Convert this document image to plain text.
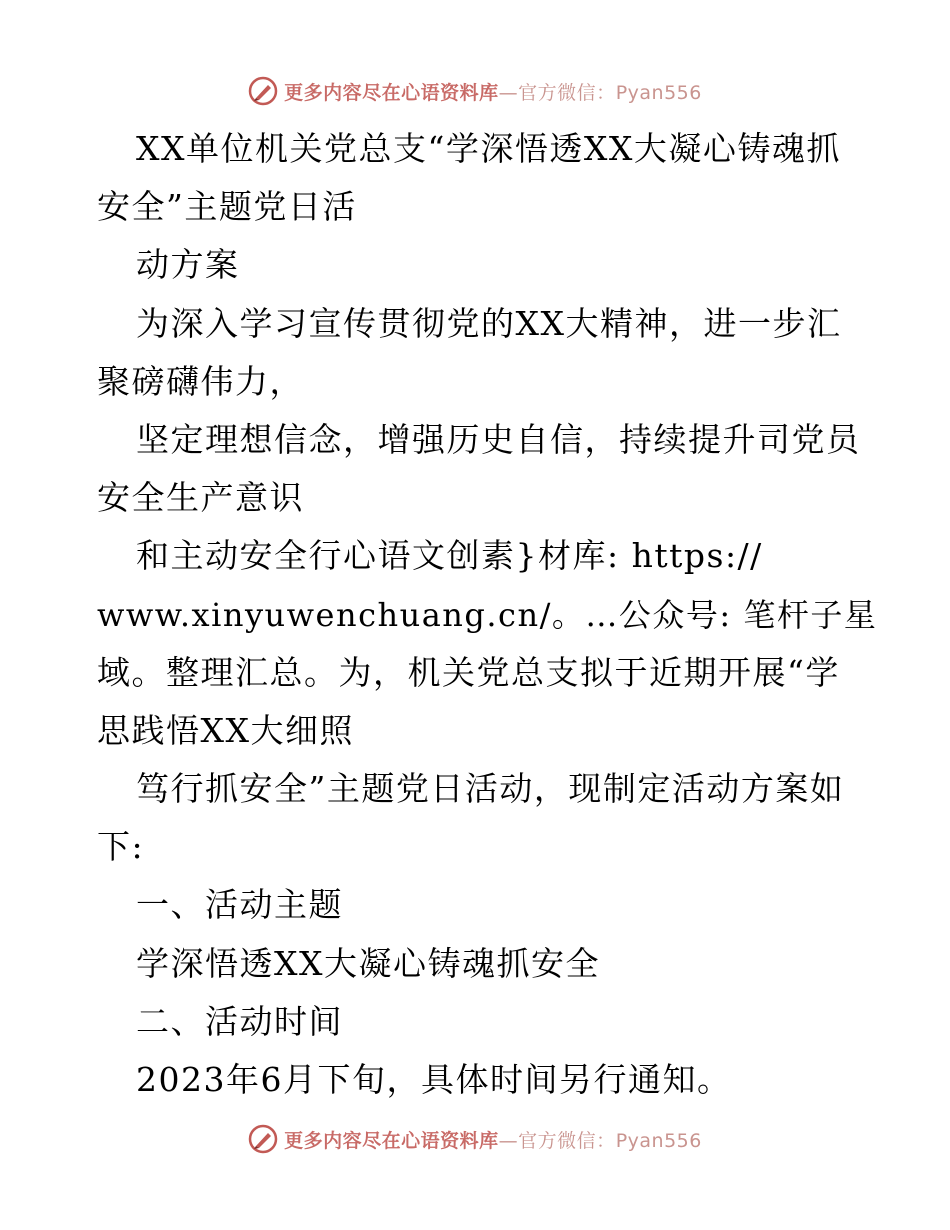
更多内容尽在心语资料库—官方微信：Pyan556
XX单位机关党总支“学深悟透XX大凝心铸魂抓
安全”主题党日活
动方案
为深入学习宣传贯彻党的XX大精神，进一步汇
聚磅礴伟力，
坚定理想信念，增强历史自信，持续提升司党员
安全生产意识
和主动安全行心语文创素}材库: https://
www.xinyuwenchuang.cn/。…公众号: 笔杆子星
域。整理汇总。为，机关党总支拟于近期开展“学
思践悟XX大细照
笃行抓安全”主题党日活动，现制定活动方案如
下:
一、活动主题
学深悟透XX大凝心铸魂抓安全
二、活动时间
2023年6月下旬，具体时间另行通知。
更多内容尽在心语资料库—官方微信：Pyan556
